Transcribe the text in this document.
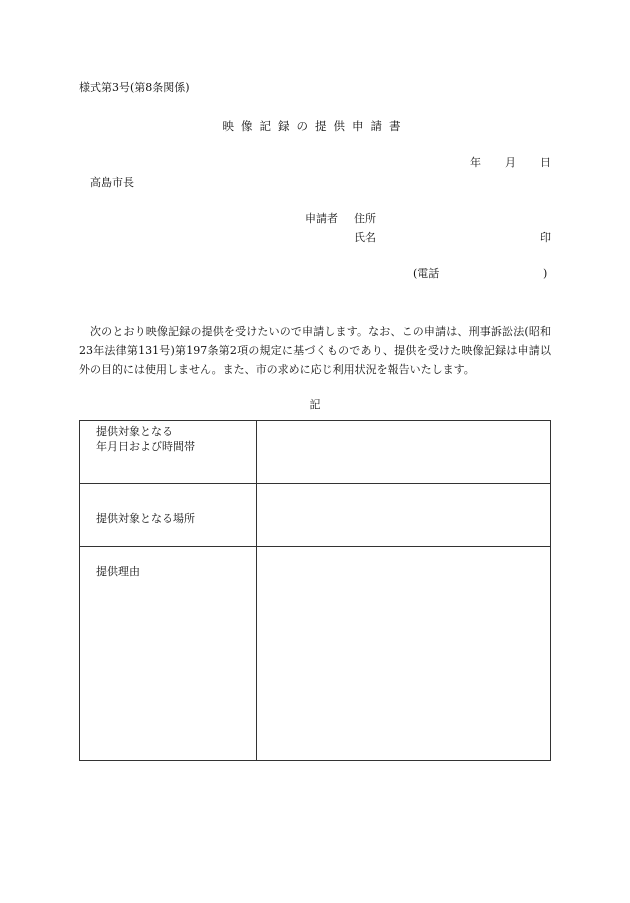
様式第3号(第8条関係)
映像記録の提供申請書
年 月 日
高島市長
申請者 住所
氏名	印
(電話	)

次のとおり映像記録の提供を受けたいので申請します。なお、この申請は、刑事訴訟法(昭和23年法律第131号)第197条第2項の規定に基づくものであり、提供を受けた映像記録は申請以外の目的には使用しません。また、市の求めに応じ利用状況を報告いたします。

記
提供対象となる
年月日および時間帯	

提供対象となる場所	

提供理由	
